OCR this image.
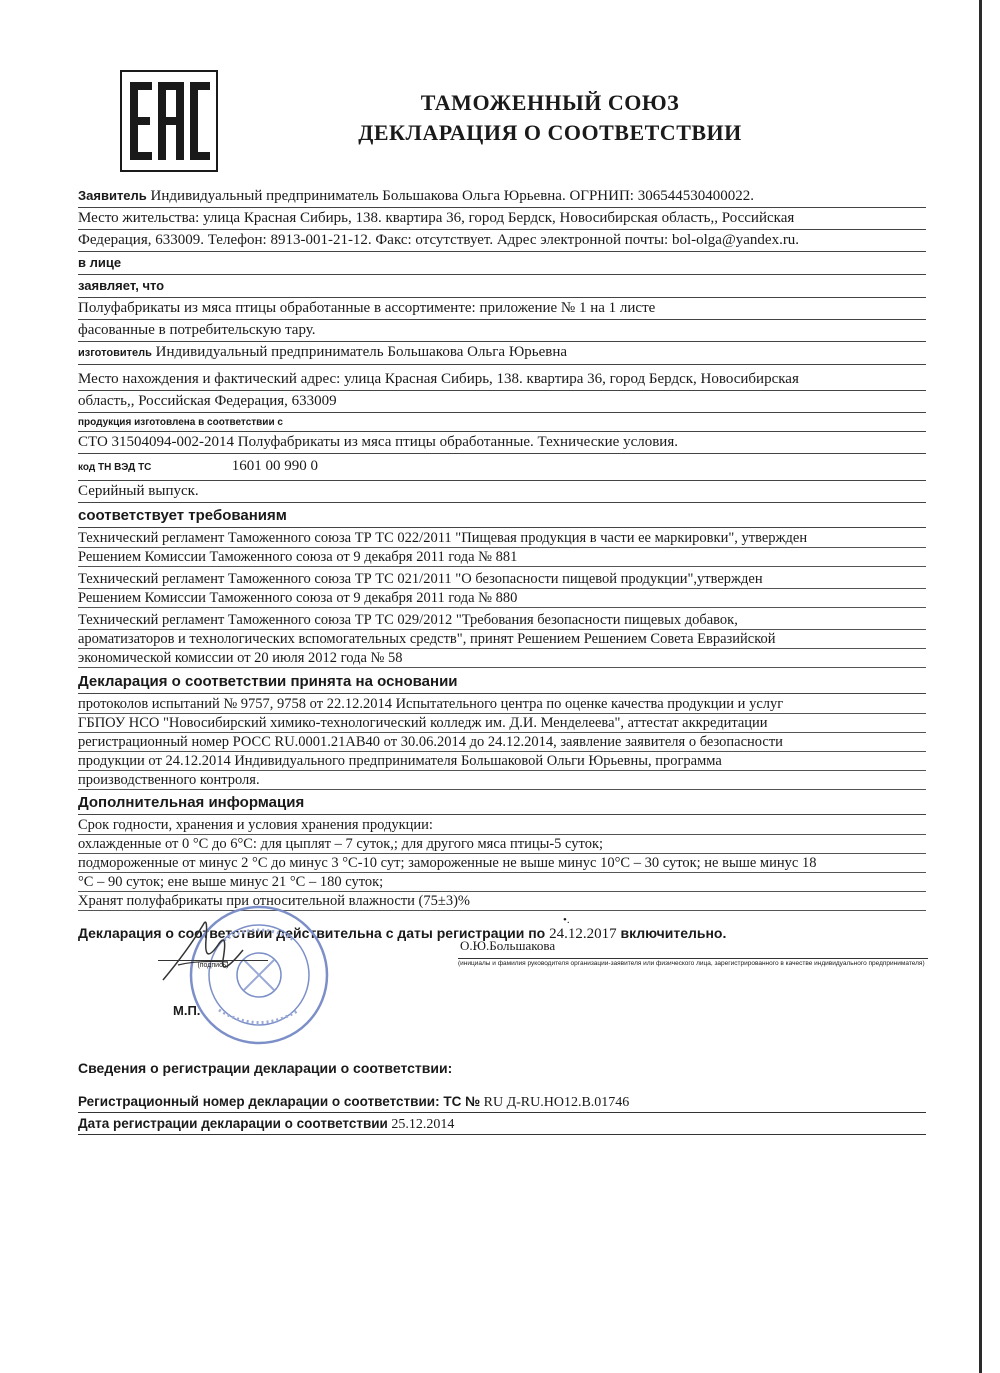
ТАМОЖЕННЫЙ СОЮЗ
ДЕКЛАРАЦИЯ О СООТВЕТСТВИИ
Заявитель Индивидуальный предприниматель Большакова Ольга Юрьевна. ОГРНИП: 306544530400022.
Место жительства: улица Красная Сибирь, 138. квартира 36, город Бердск, Новосибирская область,, Российская
Федерация, 633009. Телефон: 8913-001-21-12. Факс: отсутствует. Адрес электронной почты: bol-olga@yandex.ru.
в лице
заявляет, что
Полуфабрикаты из мяса птицы обработанные в ассортименте: приложение № 1 на 1 листе
фасованные в потребительскую тару.
изготовитель Индивидуальный предприниматель Большакова Ольга Юрьевна
Место нахождения и фактический адрес: улица Красная Сибирь, 138. квартира 36, город Бердск, Новосибирская
область,, Российская Федерация, 633009
продукция изготовлена в соответствии с
СТО 31504094-002-2014 Полуфабрикаты из мяса птицы обработанные. Технические условия.
код ТН ВЭД ТС	1601 00 990 0
Серийный выпуск.
соответствует требованиям
Технический регламент Таможенного союза ТР ТС 022/2011 "Пищевая продукция в части ее маркировки", утвержден
Решением Комиссии Таможенного союза от 9 декабря 2011 года № 881
Технический регламент Таможенного союза ТР ТС 021/2011 "О безопасности пищевой продукции",утвержден
Решением Комиссии Таможенного союза от 9 декабря 2011 года № 880
Технический регламент Таможенного союза ТР ТС 029/2012 "Требования безопасности пищевых добавок,
ароматизаторов и технологических вспомогательных средств", принят Решением Решением Совета Евразийской
экономической комиссии от 20 июля 2012 года № 58
Декларация о соответствии принята на основании
протоколов испытаний № 9757, 9758 от 22.12.2014 Испытательного центра по оценке качества продукции и услуг
ГБПОУ НСО "Новосибирский химико-технологический колледж им. Д.И. Менделеева", аттестат аккредитации
регистрационный номер РОСС RU.0001.21АВ40 от 30.06.2014 до 24.12.2014, заявление заявителя о безопасности
продукции от 24.12.2014 Индивидуального предпринимателя Большаковой Ольги Юрьевны, программа
производственного контроля.
Дополнительная информация
Срок годности, хранения и условия хранения продукции:
охлажденные от 0 °С до 6°С: для цыплят – 7 суток,; для другого мяса птицы-5 суток;
подмороженные от минус 2 °С до минус 3 °С-10 сут; замороженные не выше минус 10°С – 30 суток; не выше минус 18
°С – 90 суток; ене выше минус 21 °С – 180 суток;
Хранят полуфабрикаты при относительной влажности (75±3)%
Декларация о соответствии действительна с даты регистрации по 24.12.2017 включительно.
(подпись)
М.П.
•.
О.Ю.Большакова
(инициалы и фамилия руководителя организации-заявителя или физического лица, зарегистрированного в качестве индивидуального предпринимателя)
Сведения о регистрации декларации о соответствии:
Регистрационный номер декларации о соответствии: ТС № RU Д-RU.НО12.В.01746
Дата регистрации декларации о соответствии 25.12.2014
